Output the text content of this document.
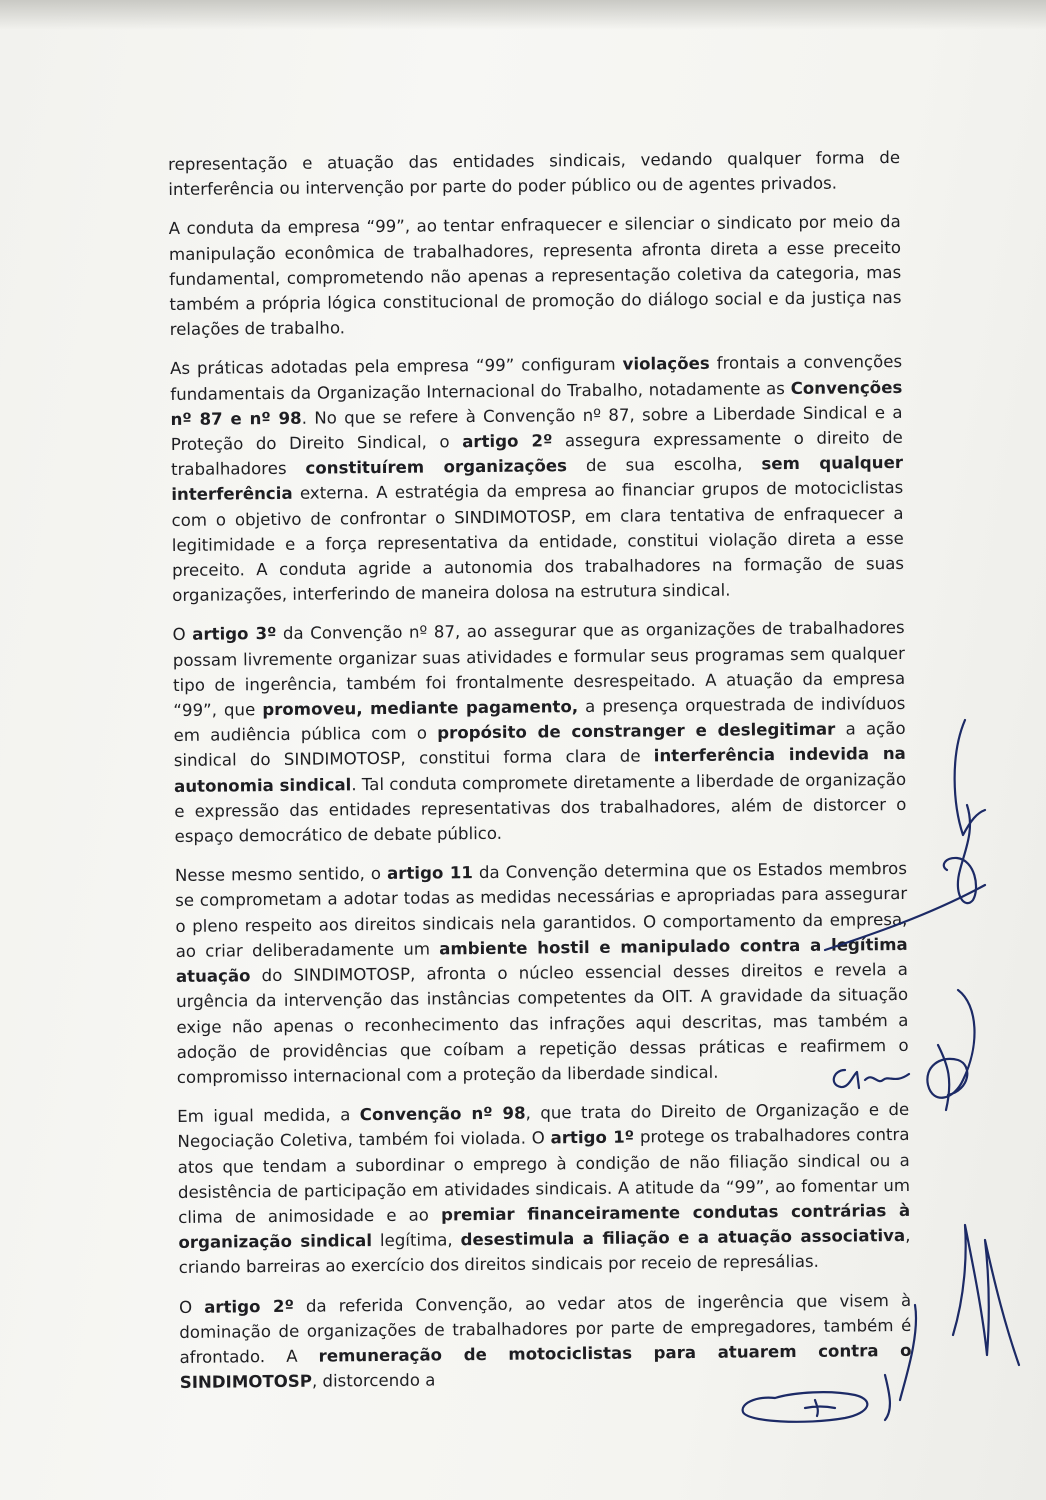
representação e atuação das entidades sindicais, vedando qualquer forma de interferência ou intervenção por parte do poder público ou de agentes privados.

A conduta da empresa “99”, ao tentar enfraquecer e silenciar o sindicato por meio da manipulação econômica de trabalhadores, representa afronta direta a esse preceito fundamental, comprometendo não apenas a representação coletiva da categoria, mas também a própria lógica constitucional de promoção do diálogo social e da justiça nas relações de trabalho.

As práticas adotadas pela empresa “99” configuram violações frontais a convenções fundamentais da Organização Internacional do Trabalho, notadamente as Convenções nº 87 e nº 98. No que se refere à Convenção nº 87, sobre a Liberdade Sindical e a Proteção do Direito Sindical, o artigo 2º assegura expressamente o direito de trabalhadores constituírem organizações de sua escolha, sem qualquer interferência externa. A estratégia da empresa ao financiar grupos de motociclistas com o objetivo de confrontar o SINDIMOTOSP, em clara tentativa de enfraquecer a legitimidade e a força representativa da entidade, constitui violação direta a esse preceito. A conduta agride a autonomia dos trabalhadores na formação de suas organizações, interferindo de maneira dolosa na estrutura sindical.

O artigo 3º da Convenção nº 87, ao assegurar que as organizações de trabalhadores possam livremente organizar suas atividades e formular seus programas sem qualquer tipo de ingerência, também foi frontalmente desrespeitado. A atuação da empresa “99”, que promoveu, mediante pagamento, a presença orquestrada de indivíduos em audiência pública com o propósito de constranger e deslegitimar a ação sindical do SINDIMOTOSP, constitui forma clara de interferência indevida na autonomia sindical. Tal conduta compromete diretamente a liberdade de organização e expressão das entidades representativas dos trabalhadores, além de distorcer o espaço democrático de debate público.

Nesse mesmo sentido, o artigo 11 da Convenção determina que os Estados membros se comprometam a adotar todas as medidas necessárias e apropriadas para assegurar o pleno respeito aos direitos sindicais nela garantidos. O comportamento da empresa, ao criar deliberadamente um ambiente hostil e manipulado contra a legítima atuação do SINDIMOTOSP, afronta o núcleo essencial desses direitos e revela a urgência da intervenção das instâncias competentes da OIT. A gravidade da situação exige não apenas o reconhecimento das infrações aqui descritas, mas também a adoção de providências que coíbam a repetição dessas práticas e reafirmem o compromisso internacional com a proteção da liberdade sindical.

Em igual medida, a Convenção nº 98, que trata do Direito de Organização e de Negociação Coletiva, também foi violada. O artigo 1º protege os trabalhadores contra atos que tendam a subordinar o emprego à condição de não filiação sindical ou a desistência de participação em atividades sindicais. A atitude da “99”, ao fomentar um clima de animosidade e ao premiar financeiramente condutas contrárias à organização sindical legítima, desestimula a filiação e a atuação associativa, criando barreiras ao exercício dos direitos sindicais por receio de represálias.

O artigo 2º da referida Convenção, ao vedar atos de ingerência que visem à dominação de organizações de trabalhadores por parte de empregadores, também é afrontado. A remuneração de motociclistas para atuarem contra o SINDIMOTOSP, distorcendo a
